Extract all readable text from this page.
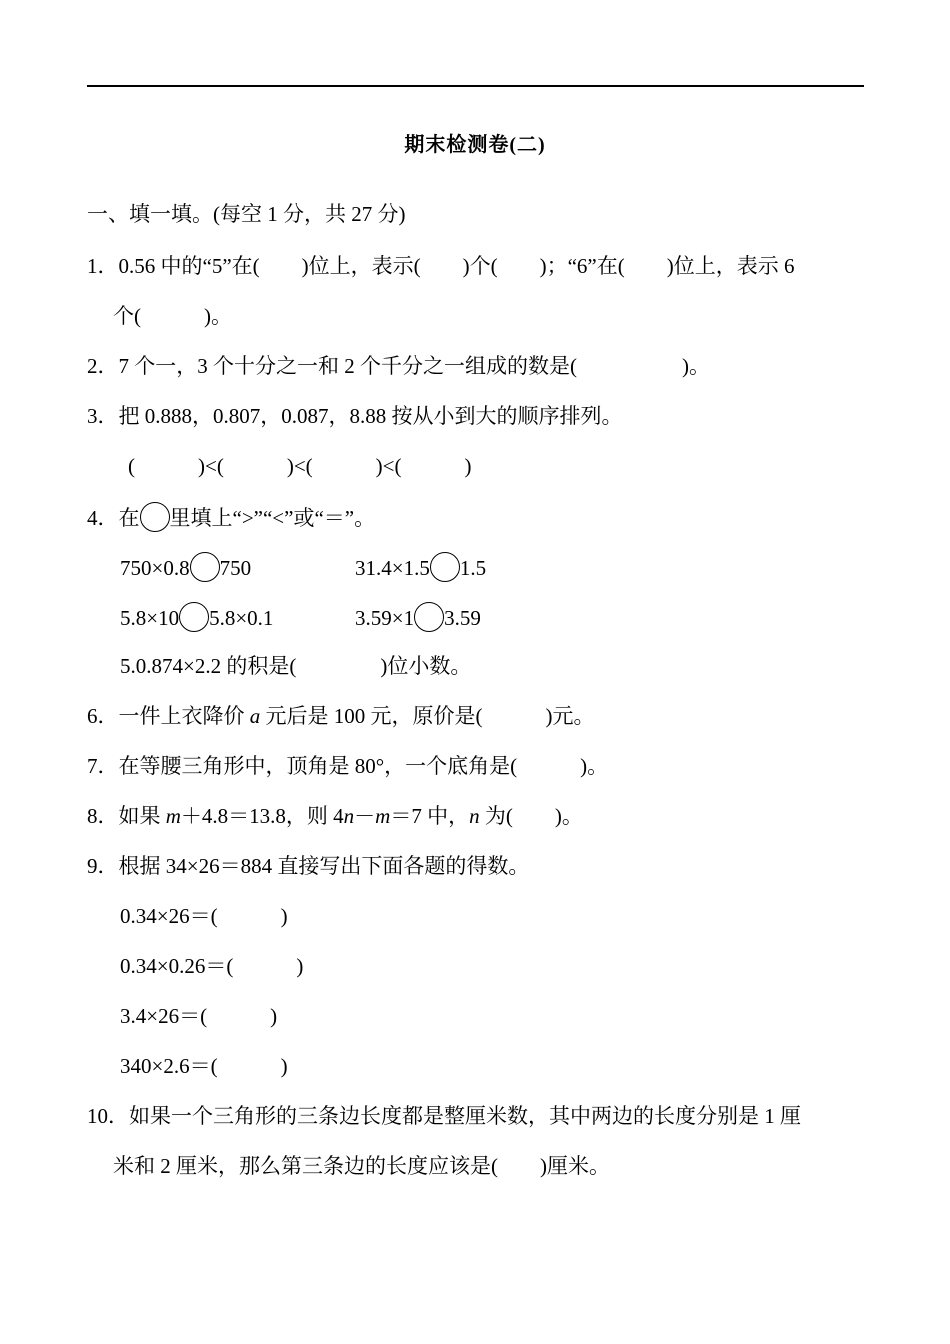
期末检测卷(二)
一、填一填。(每空 1 分，共 27 分)
1．0.56 中的“5”在(　　)位上，表示(　　)个(　　)；“6”在(　　)位上，表示 6
个(　　　)。
2．7 个一，3 个十分之一和 2 个千分之一组成的数是(　　　　　)。
3．把 0.888，0.807，0.087，8.88 按从小到大的顺序排列。
(　　　)<(　　　)<(　　　)<(　　　)
4．在 里填上“>”“<”或“＝”。
750×0.8 750	31.4×1.5 1.5
5.8×10 5.8×0.1	3.59×1 3.59
5.0.874×2.2 的积是(　　　　)位小数。
6．一件上衣降价 a 元后是 100 元，原价是(　　　)元。
7．在等腰三角形中，顶角是 80°，一个底角是(　　　)。
8．如果 m＋4.8＝13.8，则 4n－m＝7 中，n 为(　　)。
9．根据 34×26＝884 直接写出下面各题的得数。
0.34×26＝(　　　)
0.34×0.26＝(　　　)
3.4×26＝(　　　)
340×2.6＝(　　　)
10．如果一个三角形的三条边长度都是整厘米数，其中两边的长度分别是 1 厘
米和 2 厘米，那么第三条边的长度应该是(　　)厘米。
